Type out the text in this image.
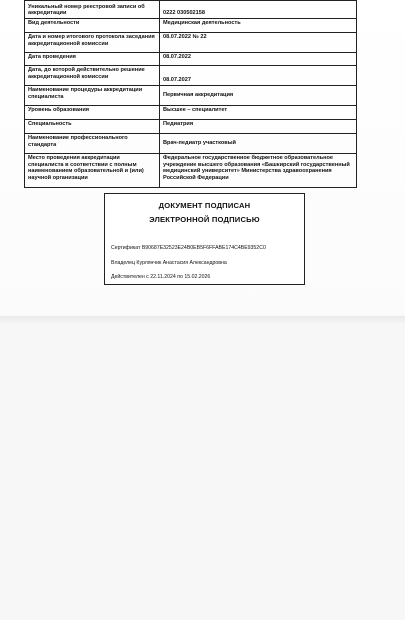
Уникальный номер реестровой записи об аккредитации	0222 030502158
Вид деятельности	Медицинская деятельность
Дата и номер итогового протокола заседания аккредитационной комиссии	08.07.2022 № 22
Дата проведения	08.07.2022
Дата, до которой действительно решение аккредитационной комиссии	08.07.2027
Наименование процедуры аккредитации специалиста	Первичная аккредитация
Уровень образования	Высшее – специалитет
Специальность	Педиатрия
Наименование профессионального стандарта	Врач-педиатр участковый
Место проведения аккредитации специалиста в соответствии с полным наименованием образовательной и (или) научной организации	Федеральное государственное бюджетное образовательное учреждение высшего образования «Башкирский государственный медицинский университет» Министерства здравоохранения Российской Федерации
ДОКУМЕНТ ПОДПИСАН
ЭЛЕКТРОННОЙ ПОДПИСЬЮ
Сертификат B90687E32523E24B0EB5F6FFABE174C4BE9352C0
Владелец Курлянчик Анастасия Александровна
Действителен с 22.11.2024 по 15.02.2026
